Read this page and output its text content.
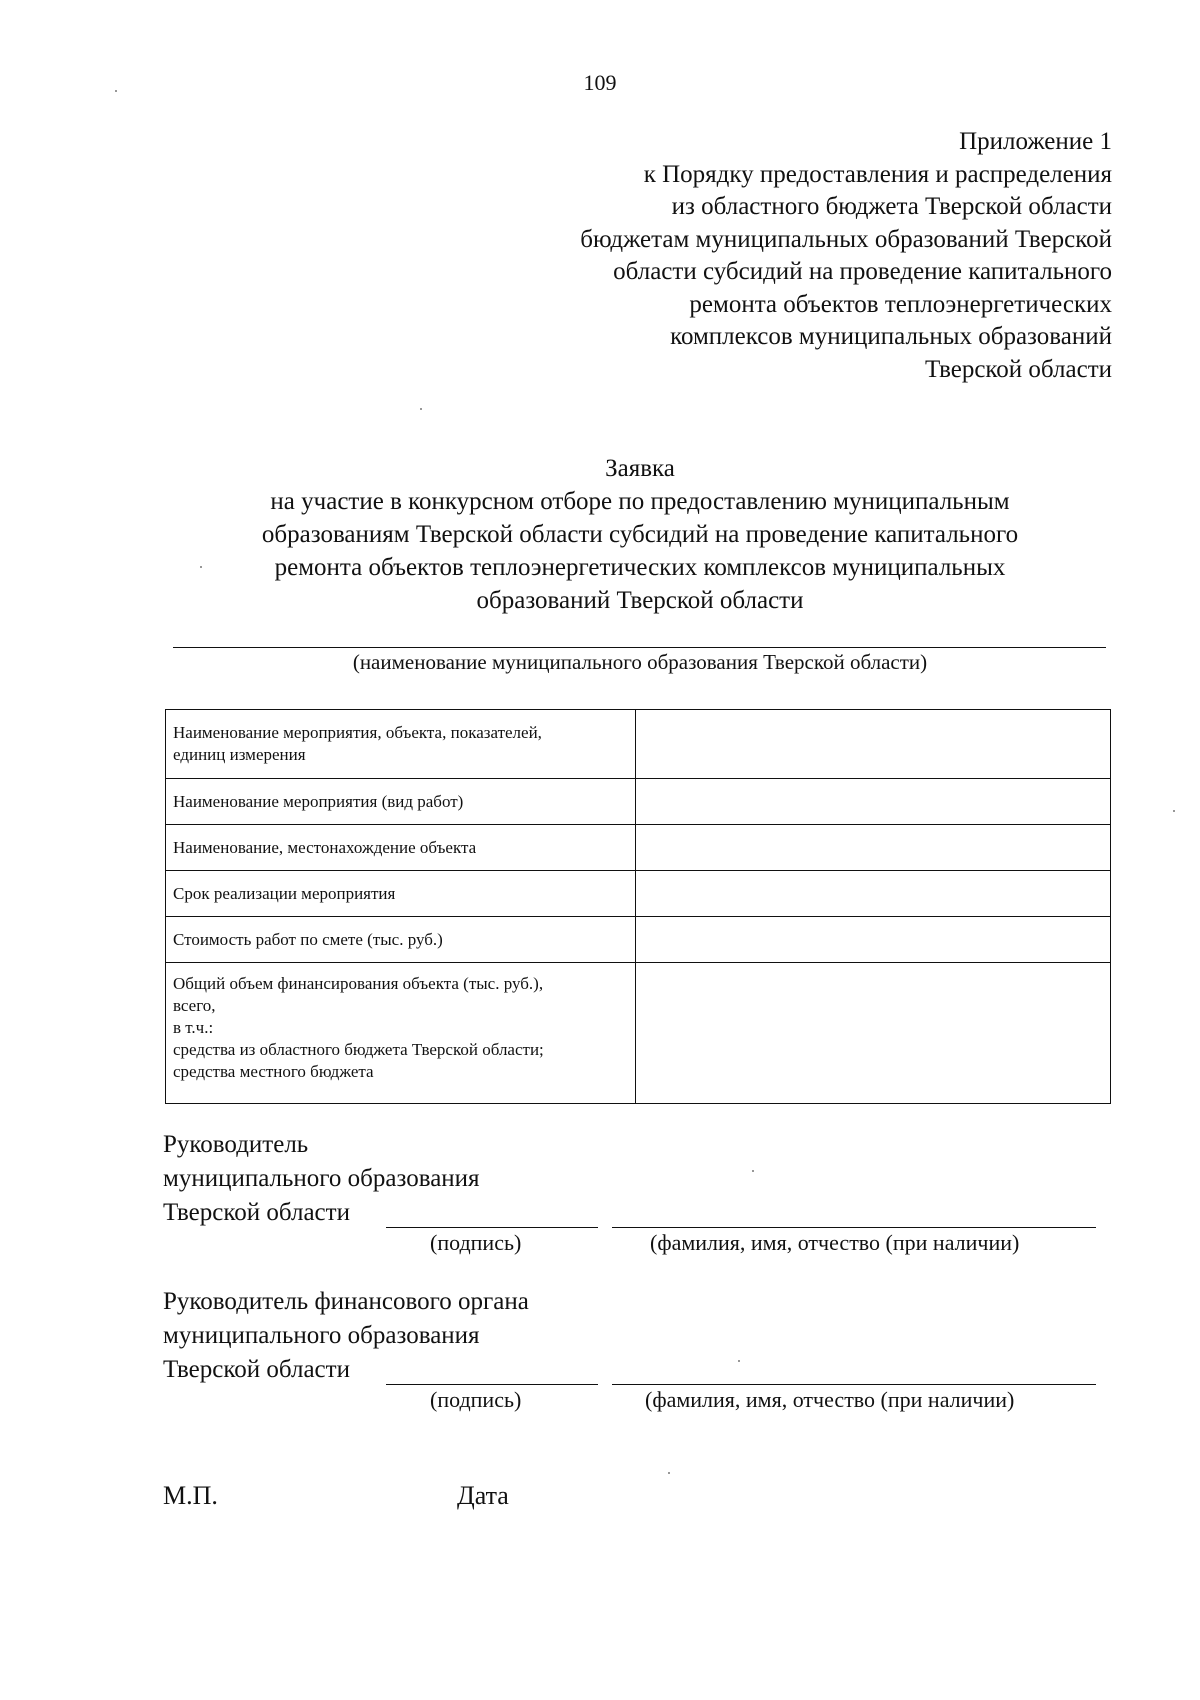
109
Приложение 1
к Порядку предоставления и распределения
из областного бюджета Тверской области
бюджетам муниципальных образований Тверской
области субсидий на проведение капитального
ремонта объектов теплоэнергетических
комплексов муниципальных образований
Тверской области
Заявка
на участие в конкурсном отборе по предоставлению муниципальным
образованиям Тверской области субсидий на проведение капитального
ремонта объектов теплоэнергетических комплексов муниципальных
образований Тверской области
(наименование муниципального образования Тверской области)
Наименование мероприятия, объекта, показателей,
единиц измерения	

Наименование мероприятия (вид работ)	
Наименование, местонахождение объекта	
Срок реализации мероприятия	
Стоимость работ по смете (тыс. руб.)	

Общий объем финансирования объекта (тыс. руб.),
всего,
в т.ч.:
средства из областного бюджета Тверской области;
средства местного бюджета	

Руководитель
муниципального образования
Тверской области
(подпись)	(фамилия, имя, отчество (при наличии)
Руководитель финансового органа
муниципального образования
Тверской области
(подпись)	(фамилия, имя, отчество (при наличии)
М.П.	Дата
